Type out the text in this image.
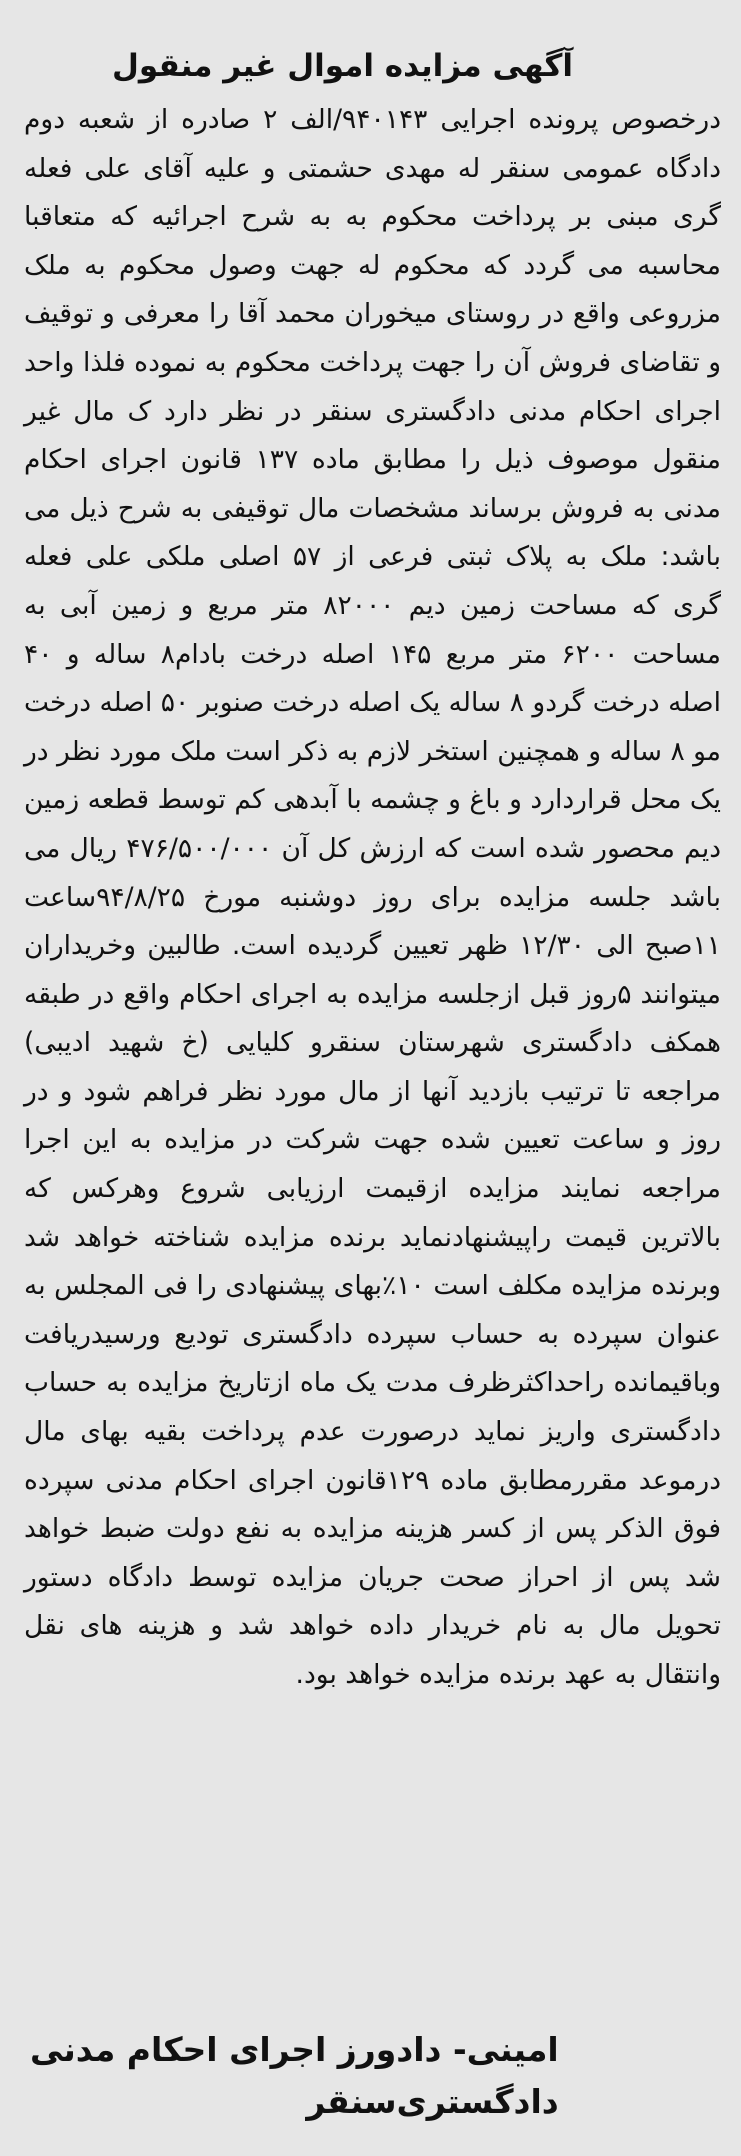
آگهی مزایده اموال غیر منقول

درخصوص پرونده اجرایی ۹۴۰۱۴۳/الف ۲ صادره از شعبه دوم دادگاه عمومی سنقر له مهدی حشمتی و علیه آقای علی فعله گری مبنی بر پرداخت محکوم به به شرح اجرائیه که متعاقبا محاسبه می گردد که محکوم له جهت وصول محکوم به ملک مزروعی واقع در روستای میخوران محمد آقا را معرفی و توقیف و تقاضای فروش آن را جهت پرداخت محکوم به نموده فلذا واحد اجرای احکام مدنی دادگستری سنقر در نظر دارد ک مال غیر منقول موصوف ذیل را مطابق ماده ۱۳۷ قانون اجرای احکام مدنی به فروش برساند مشخصات مال توقیفی به شرح ذیل می باشد: ملک به پلاک ثبتی فرعی از ۵۷ اصلی ملکی علی فعله گری که مساحت زمین دیم ۸۲۰۰۰ متر مربع و زمین آبی به مساحت ۶۲۰۰ متر مربع ۱۴۵ اصله درخت بادام۸ ساله و ۴۰ اصله درخت گردو ۸ ساله یک اصله درخت صنوبر ۵۰ اصله درخت مو ۸ ساله و همچنین استخر لازم به ذکر است ملک مورد نظر در یک محل قراردارد و باغ و چشمه با آبدهی کم توسط قطعه زمین دیم محصور شده است که ارزش کل آن ۴۷۶/۵۰۰/۰۰۰ ریال می باشد جلسه مزایده برای روز دوشنبه مورخ ۹۴/۸/۲۵ساعت ۱۱صبح الی ۱۲/۳۰ ظهر تعیین گردیده است. طالبین وخریداران میتوانند ۵روز قبل ازجلسه مزایده به اجرای احکام واقع در طبقه همکف دادگستری شهرستان سنقرو کلیایی (خ شهید ادیبی) مراجعه تا ترتیب بازدید آنها از مال مورد نظر فراهم شود و در روز و ساعت تعیین شده جهت شرکت در مزایده به این اجرا مراجعه نمایند مزایده ازقیمت ارزیابی شروع وهرکس که بالاترین قیمت راپیشنهادنماید برنده مزایده شناخته خواهد شد وبرنده مزایده مکلف است ۱۰٪بهای پیشنهادی را فی المجلس به عنوان سپرده به حساب سپرده دادگستری تودیع ورسیدریافت وباقیمانده راحداکثرظرف مدت یک ماه ازتاریخ مزایده به حساب دادگستری واریز نماید درصورت عدم پرداخت بقیه بهای مال درموعد مقررمطابق ماده ۱۲۹قانون اجرای احکام مدنی سپرده فوق الذکر پس از کسر هزینه مزایده به نفع دولت ضبط خواهد شد پس از احراز صحت جریان مزایده توسط دادگاه دستور تحویل مال به نام خریدار داده خواهد شد و هزینه های نقل وانتقال به عهد برنده مزایده خواهد بود.

امینی- دادورز اجرای احکام مدنی
دادگستری‌سنقر
